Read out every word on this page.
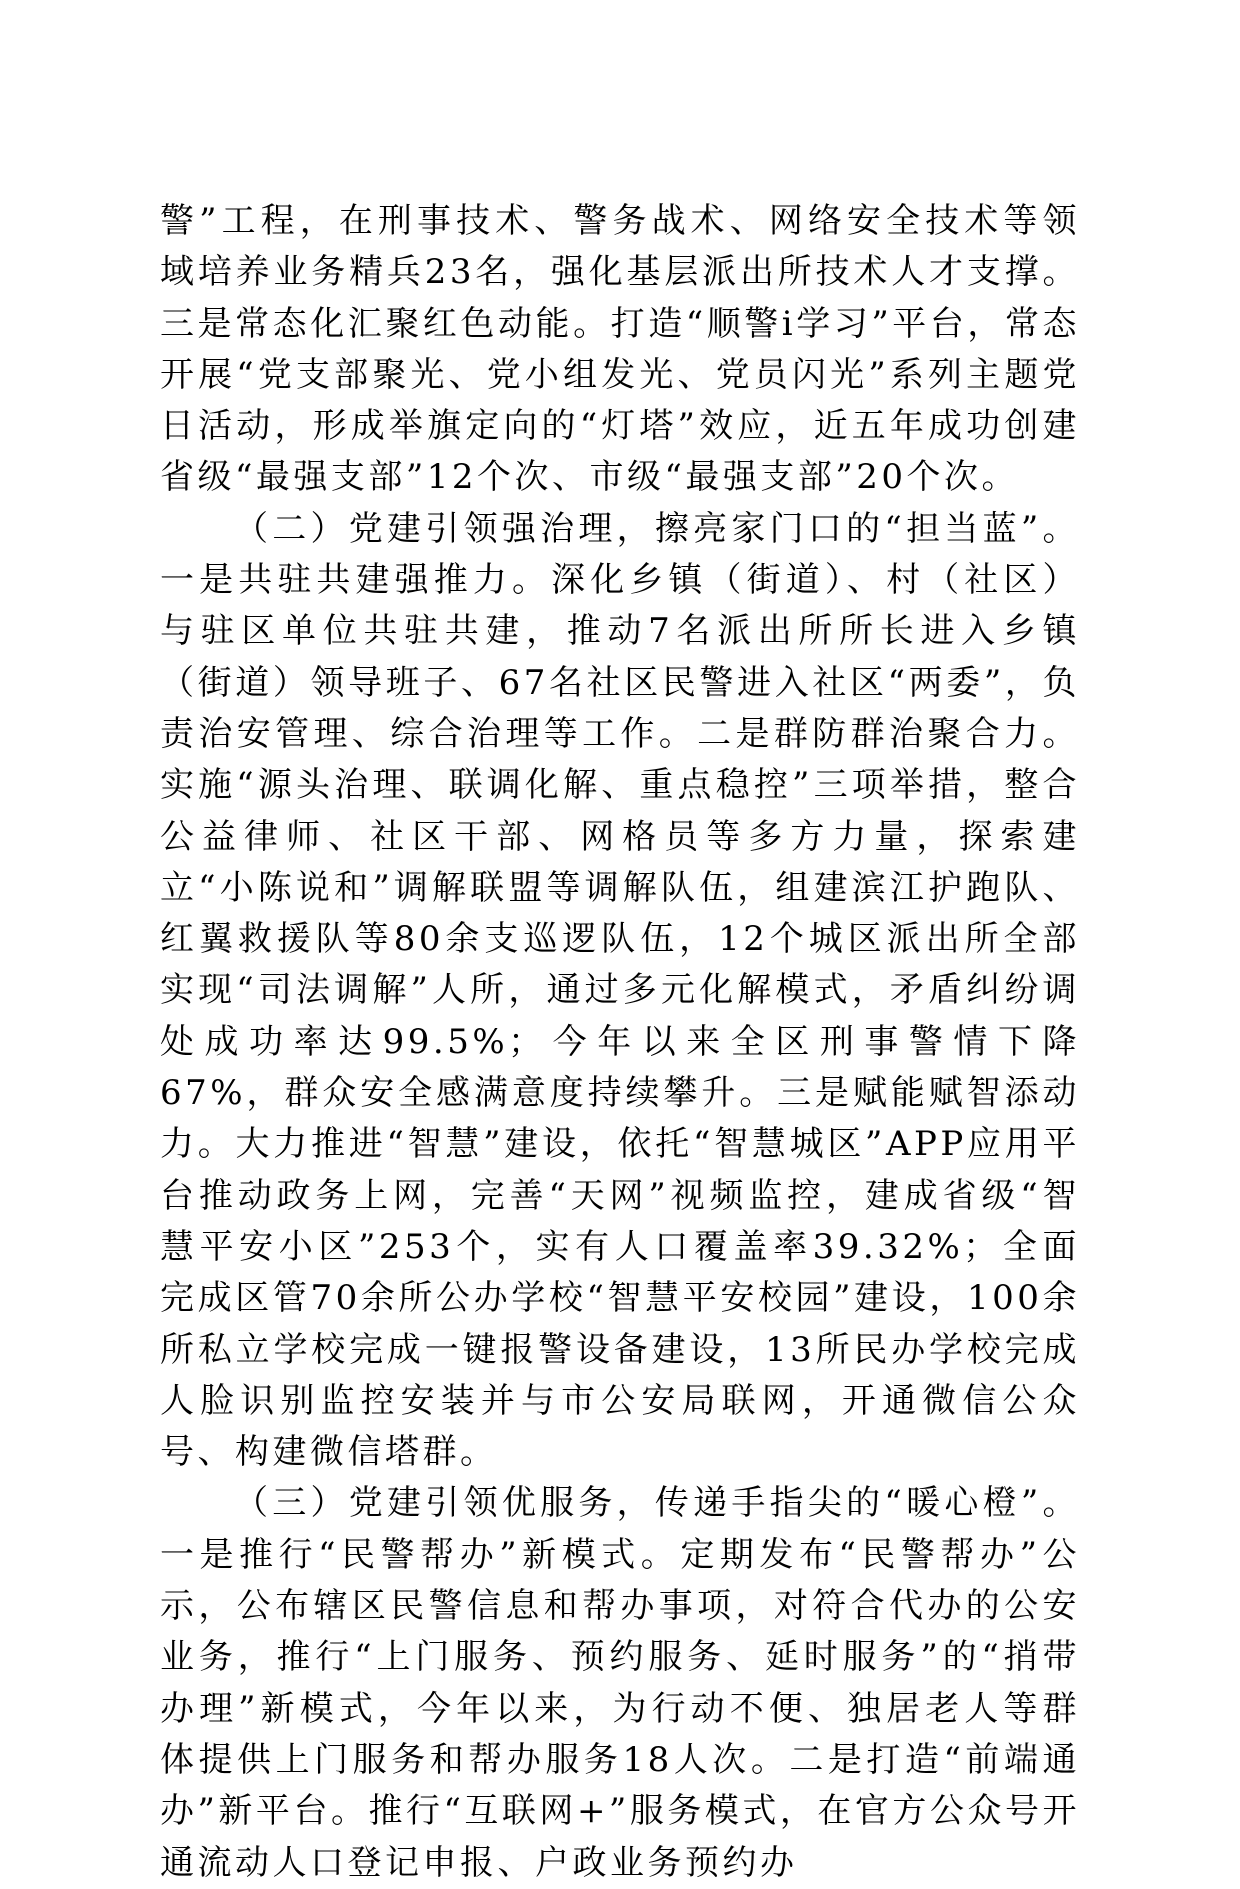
警”工程，在刑事技术、警务战术、网络安全技术等领域培养业务精兵23名，强化基层派出所技术人才支撑。三是常态化汇聚红色动能。打造“顺警i学习”平台，常态开展“党支部聚光、党小组发光、党员闪光”系列主题党日活动，形成举旗定向的“灯塔”效应，近五年成功创建省级“最强支部”12个次、市级“最强支部”20个次。

（二）党建引领强治理，擦亮家门口的“担当蓝”。一是共驻共建强推力。深化乡镇（街道）、村（社区）与驻区单位共驻共建，推动7名派出所所长进入乡镇（街道）领导班子、67名社区民警进入社区“两委”，负责治安管理、综合治理等工作。二是群防群治聚合力。实施“源头治理、联调化解、重点稳控”三项举措，整合公益律师、社区干部、网格员等多方力量，探索建立“小陈说和”调解联盟等调解队伍，组建滨江护跑队、红翼救援队等80余支巡逻队伍，12个城区派出所全部实现“司法调解”人所，通过多元化解模式，矛盾纠纷调处成功率达99.5%；今年以来全区刑事警情下降67%，群众安全感满意度持续攀升。三是赋能赋智添动力。大力推进“智慧”建设，依托“智慧城区”APP应用平台推动政务上网，完善“天网”视频监控，建成省级“智慧平安小区”253个，实有人口覆盖率39.32%；全面完成区管70余所公办学校“智慧平安校园”建设，100余所私立学校完成一键报警设备建设，13所民办学校完成人脸识别监控安装并与市公安局联网，开通微信公众号、构建微信塔群。

（三）党建引领优服务，传递手指尖的“暖心橙”。一是推行“民警帮办”新模式。定期发布“民警帮办”公示，公布辖区民警信息和帮办事项，对符合代办的公安业务，推行“上门服务、预约服务、延时服务”的“捎带办理”新模式，今年以来，为行动不便、独居老人等群体提供上门服务和帮办服务18人次。二是打造“前端通办”新平台。推行“互联网+”服务模式，在官方公众号开通流动人口登记申报、户政业务预约办
